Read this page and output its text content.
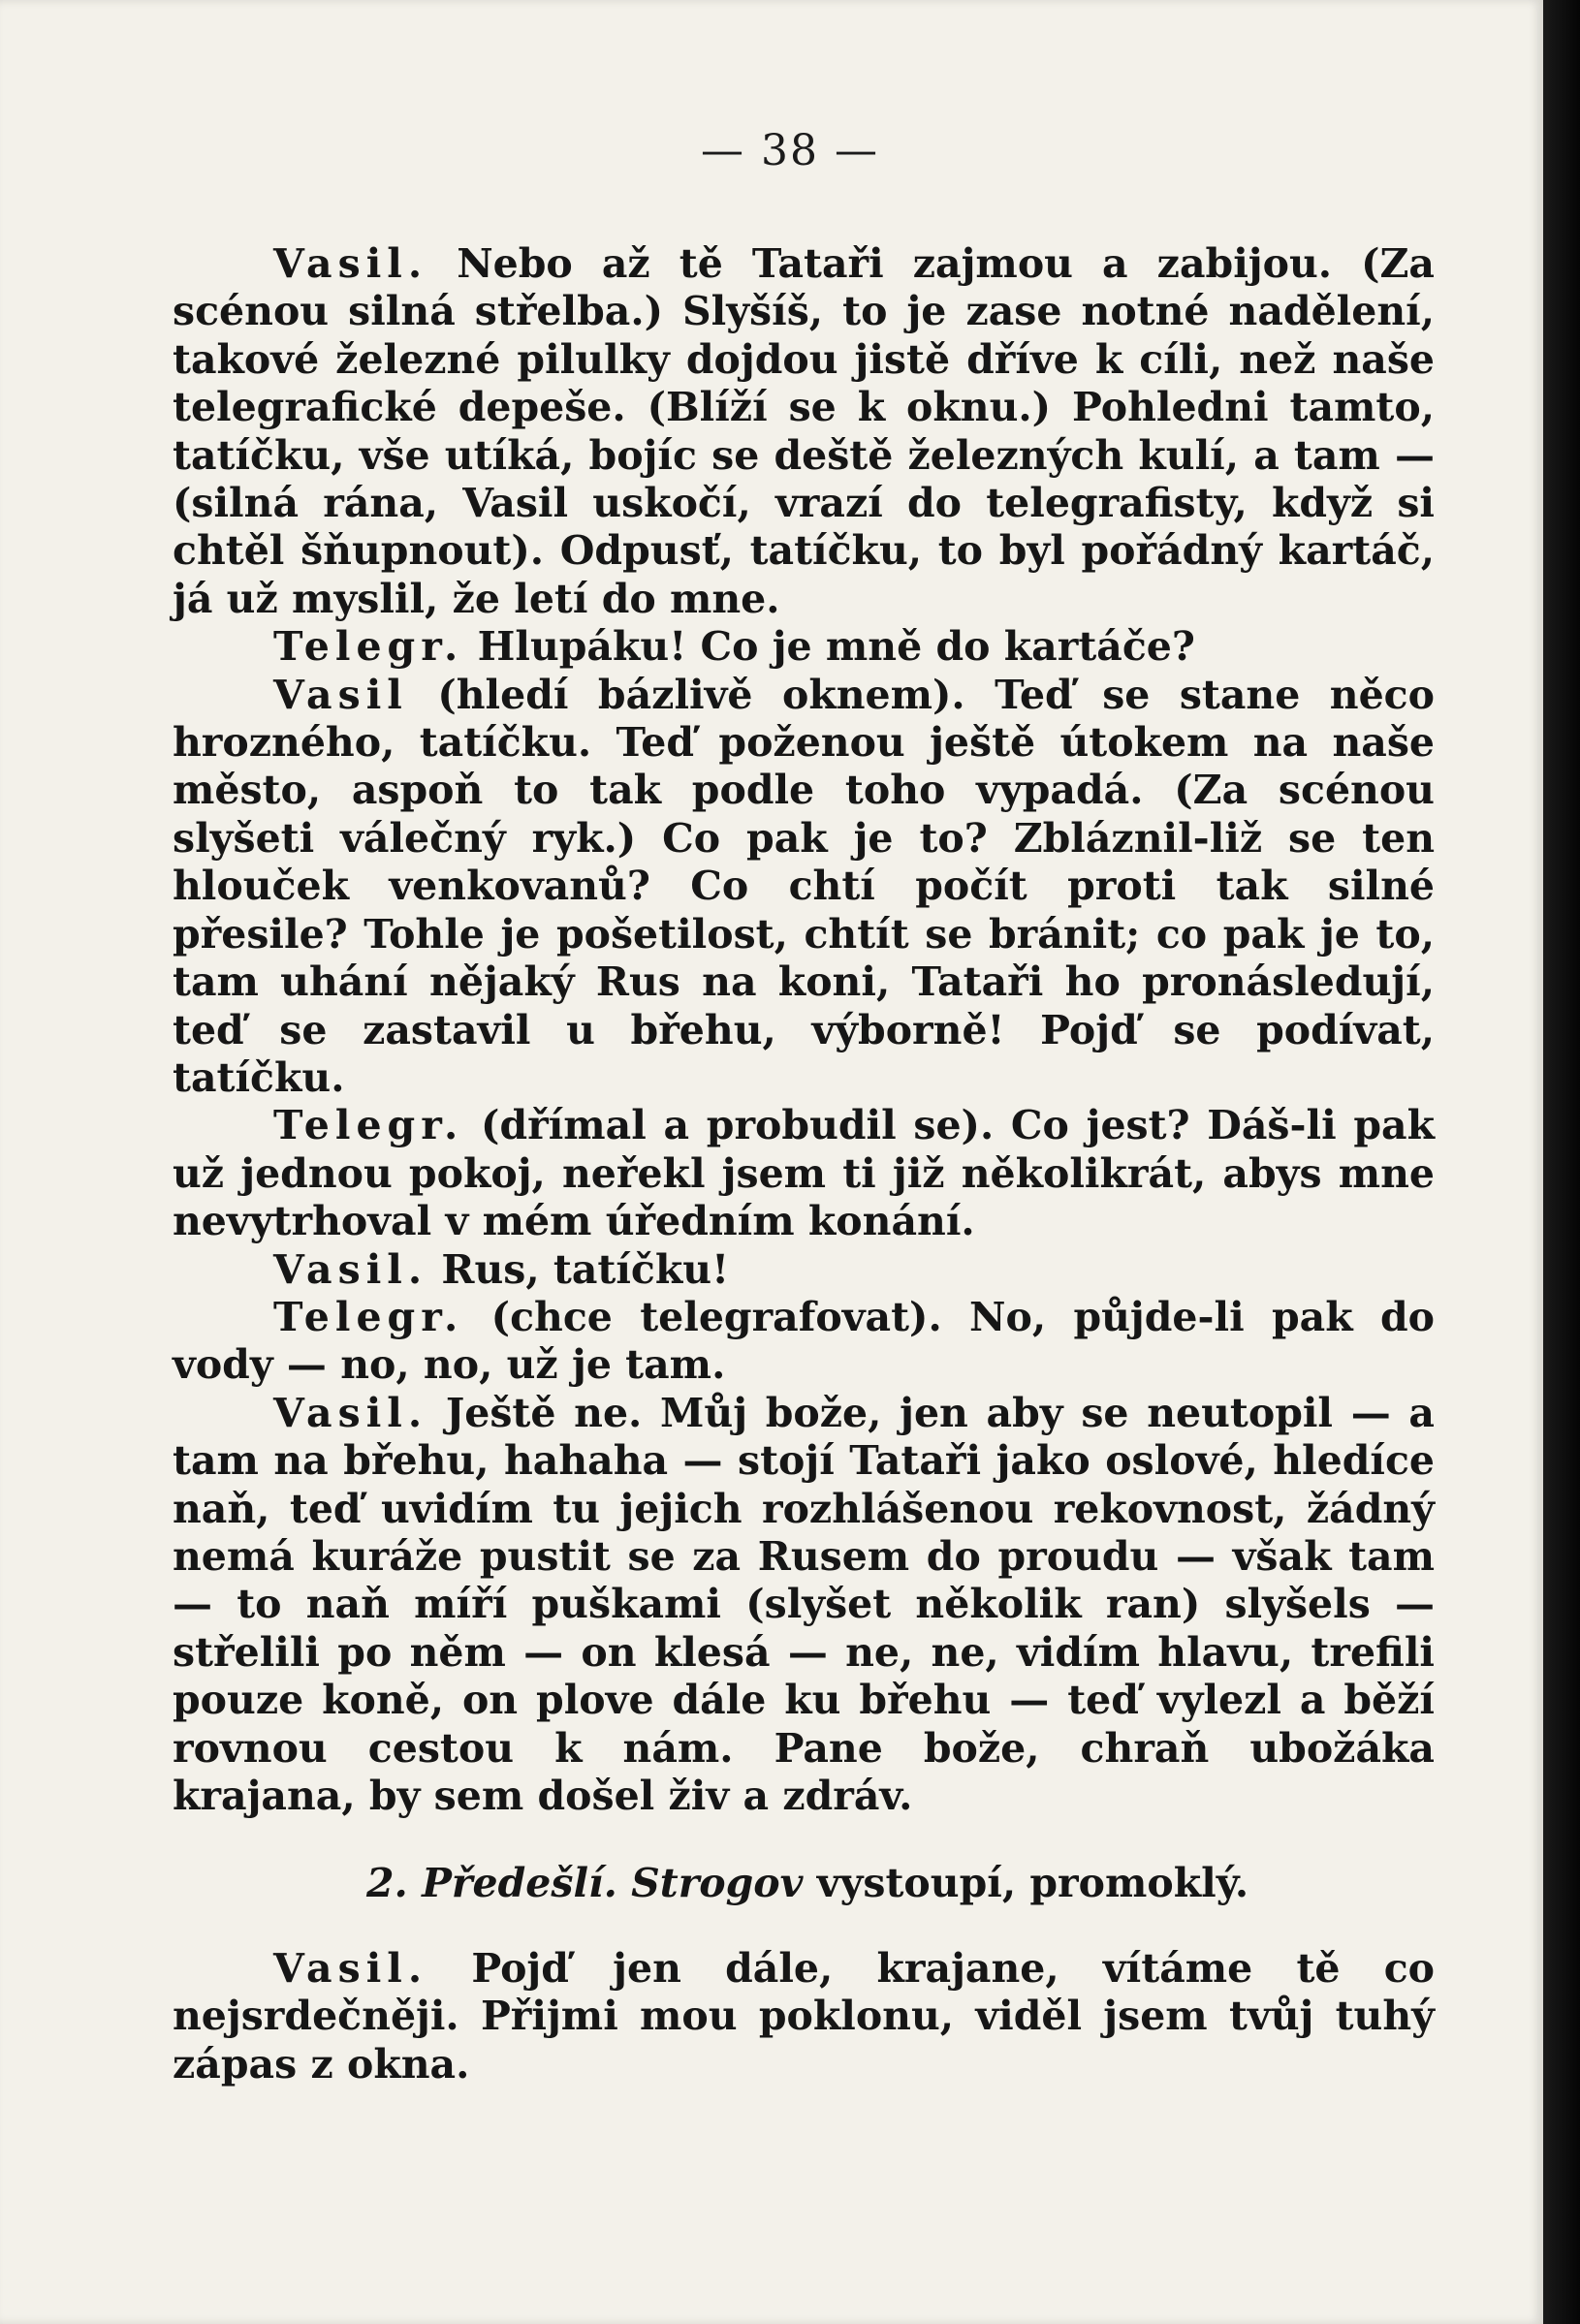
— 38 —

Vasil. Nebo až tě Tataři zajmou a zabijou. (Za scénou silná střelba.) Slyšíš, to je zase notné nadělení, takové železné pilulky dojdou jistě dříve k cíli, než naše telegrafické depeše. (Blíží se k oknu.) Pohledni tamto, tatíčku, vše utíká, bojíc se deště železných kulí, a tam — (silná rána, Vasil uskočí, vrazí do telegrafisty, když si chtěl šňupnout). Odpusť, tatíčku, to byl pořádný kartáč, já už myslil, že letí do mne.

Telegr. Hlupáku! Co je mně do kartáče?

Vasil (hledí bázlivě oknem). Teď se stane něco hrozného, tatíčku. Teď poženou ještě útokem na naše město, aspoň to tak podle toho vypadá. (Za scénou slyšeti válečný ryk.) Co pak je to? Zbláznil-liž se ten hlouček venkovanů? Co chtí počít proti tak silné přesile? Tohle je pošetilost, chtít se bránit; co pak je to, tam uhání nějaký Rus na koni, Tataři ho pronásledují, teď se zastavil u břehu, výborně! Pojď se podívat, tatíčku.

Telegr. (dřímal a probudil se). Co jest? Dáš-li pak už jednou pokoj, neřekl jsem ti již několikrát, abys mne nevytrhoval v mém úředním konání.

Vasil. Rus, tatíčku!

Telegr. (chce telegrafovat). No, půjde-li pak do vody — no, no, už je tam.

Vasil. Ještě ne. Můj bože, jen aby se neutopil — a tam na břehu, hahaha — stojí Tataři jako oslové, hledíce naň, teď uvidím tu jejich rozhlášenou rekovnost, žádný nemá kuráže pustit se za Rusem do proudu — však tam — to naň míří puškami (slyšet několik ran) slyšels — střelili po něm — on klesá — ne, ne, vidím hlavu, trefili pouze koně, on plove dále ku břehu — teď vylezl a běží rovnou cestou k nám. Pane bože, chraň ubožáka krajana, by sem došel živ a zdráv.

2. Předešlí. Strogov vystoupí, promoklý.

Vasil. Pojď jen dále, krajane, vítáme tě co nejsrdečněji. Přijmi mou poklonu, viděl jsem tvůj tuhý zápas z okna.
